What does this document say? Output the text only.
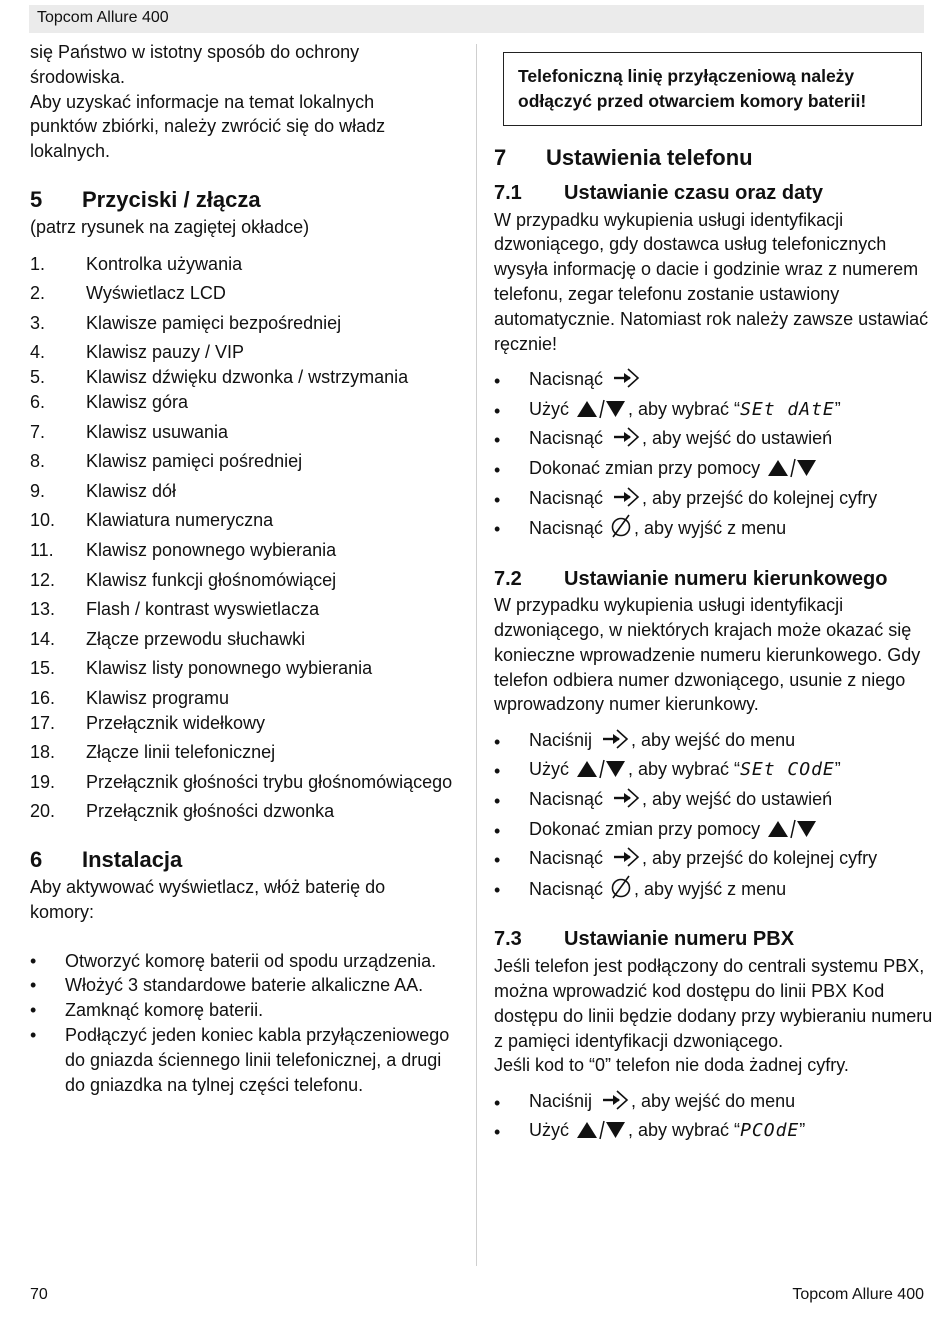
Topcom Allure 400

się Państwo w istotny sposób do ochrony

środowiska.

Aby uzyskać informacje na temat lokalnych

punktów zbiórki, należy zwrócić się do władz

lokalnych.

5	Przyciski / złącza

(patrz rysunek na zagiętej okładce)

1.	Kontrolka używania
2.	Wyświetlacz LCD
3.	Klawisze pamięci bezpośredniej
4.	Klawisz pauzy / VIP
5.	Klawisz dźwięku dzwonka / wstrzymania
6.	Klawisz góra
7.	Klawisz usuwania
8.	Klawisz pamięci pośredniej
9.	Klawisz dół
10.	Klawiatura numeryczna
11.	Klawisz ponownego wybierania
12.	Klawisz funkcji głośnomówiącej
13.	Flash / kontrast wyswietlacza
14.	Złącze przewodu słuchawki
15.	Klawisz listy ponownego wybierania
16.	Klawisz programu
17.	Przełącznik widełkowy
18.	Złącze linii telefonicznej
19.	Przełącznik głośności trybu głośnomówiącego
20.	Przełącznik głośności dzwonka
6	Instalacja

Aby aktywować wyświetlacz, włóż baterię do komory:

•	Otworzyć komorę baterii od spodu urządzenia.
•	Włożyć 3 standardowe baterie alkaliczne AA.
•	Zamknąć komorę baterii.
•	Podłączyć jeden koniec kabla przyłączeniowego do gniazda ściennego linii telefonicznej, a drugi do gniazdka na tylnej części telefonu.
Telefoniczną linię przyłączeniową należy odłączyć przed otwarciem komory baterii!
7	Ustawienia telefonu
7.1	Ustawianie czasu oraz daty

W przypadku wykupienia usługi identyfikacji dzwoniącego, gdy dostawca usług telefonicznych wysyła informację o dacie i godzinie wraz z numerem telefonu, zegar telefonu zostanie ustawiony automatycznie. Natomiast rok należy zawsze ustawiać ręcznie!

•	Nacisnąć
•	Użyć	, aby wybrać “SEt dAtE”
•	Nacisnąć , aby wejść do ustawień
•	Dokonać zmian przy pomocy
•	Nacisnąć , aby przejść do kolejnej cyfry
•	Nacisnąć , aby wyjść z menu
7.2	Ustawianie numeru kierunkowego

W przypadku wykupienia usługi identyfikacji dzwoniącego, w niektórych krajach może okazać się konieczne wprowadzenie numeru kierunkowego. Gdy telefon odbiera numer dzwoniącego, usunie z niego wprowadzony numer kierunkowy.

•	Naciśnij , aby wejść do menu
•	Użyć	, aby wybrać “SEt COdE”
•	Nacisnąć , aby wejść do ustawień
•	Dokonać zmian przy pomocy
•	Nacisnąć , aby przejść do kolejnej cyfry
•	Nacisnąć , aby wyjść z menu
7.3	Ustawianie numeru PBX

Jeśli telefon jest podłączony do centrali systemu PBX, można wprowadzić kod dostępu do linii PBX Kod dostępu do linii będzie dodany przy wybieraniu numeru z pamięci identyfikacji dzwoniącego.

Jeśli kod to “0” telefon nie doda żadnej cyfry.

•	Naciśnij , aby wejść do menu
•	Użyć	, aby wybrać “PCOdE”
70	Topcom Allure 400
